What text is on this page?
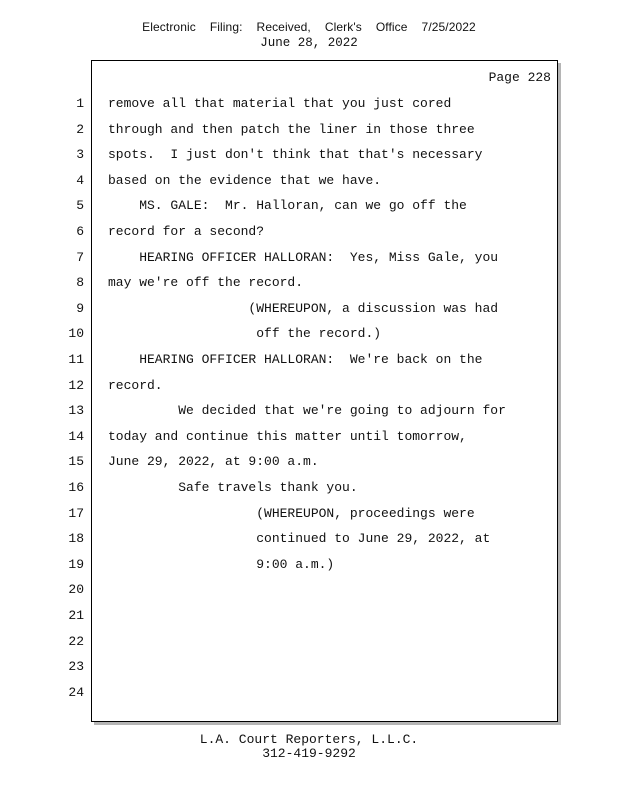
Electronic Filing: Received, Clerk's Office 7/25/2022
June 28, 2022
Page 228
1 remove all that material that you just cored
2 through and then patch the liner in those three
3 spots.  I just don't think that that's necessary
4 based on the evidence that we have.
5 MS. GALE:  Mr. Halloran, can we go off the
6 record for a second?
7 HEARING OFFICER HALLORAN:  Yes, Miss Gale, you
8 may we're off the record.
9 (WHEREUPON, a discussion was had
10 off the record.)
11 HEARING OFFICER HALLORAN:  We're back on the
12 record.
13 We decided that we're going to adjourn for
14 today and continue this matter until tomorrow,
15 June 29, 2022, at 9:00 a.m.
16 Safe travels thank you.
17 (WHEREUPON, proceedings were
18 continued to June 29, 2022, at
19 9:00 a.m.)
20
21
22
23
24
L.A. Court Reporters, L.L.C.
312-419-9292
